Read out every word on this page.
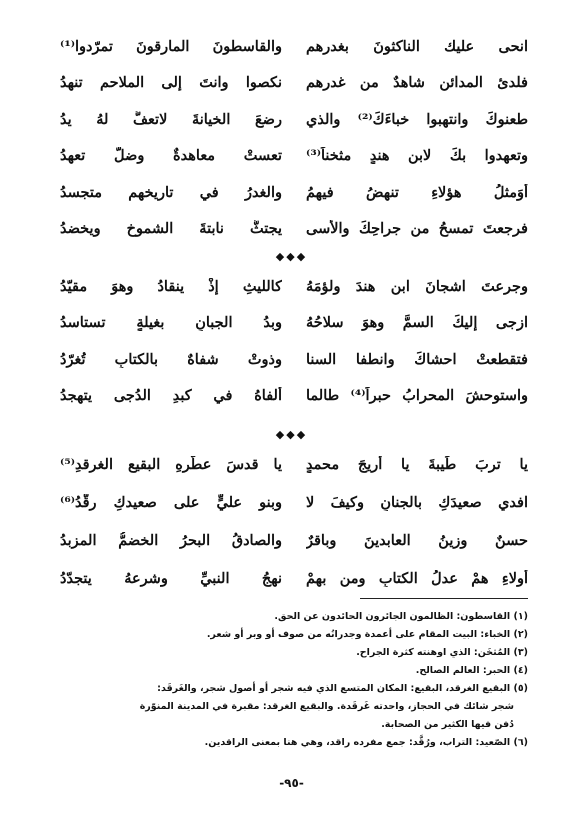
انحى عليك الناكثونَ بغدرهم
والقاسطونَ المارقونَ تمرّدوا⁽¹⁾
فلدئ المدائنِ شاهدٌ من غدرهم
نكصوا وانتَ إلى الملاحم تنهدُ
طعنوكَ وانتهبوا خباءَكَ⁽²⁾ والذي
رضعَ الخيانةَ لاتعفُّ لهُ يدُ
وتعهدوا بكَ لابنِ هندٍ مثخناً⁽³⁾
تعستْ معاهدةٌ وضلَّ تعهدُ
أوَمثلُ هؤلاءِ تنهضُ فيهمُ
والغدرُ في تاريخهم متجسدُ
فرجعتَ تمسحُ من جراحِكَ والأسى
يجتثُّ نابتةَ الشموخِ ويخضدُ
◆◆◆
وجرعتَ اشجانَ ابنِ هندَ ولؤمَهُ
كالليثِ إذْ ينقادُ وهوَ مقيّدُ
ازجى إليكَ السمَّ وهوَ سلاحُهُ
وبدُ الجبانِ بغيلةٍ تستاسدُ
فتقطعتْ احشاكَ وانطفا السنا
وذوتْ شفاهٌ بالكتابِ تُغرّدُ
واستوحشَ المحرابُ حبراً⁽⁴⁾ طالما
ألفاهُ في كبدِ الدُجى يتهجدُ
◆◆◆
يا تربَ طَيبةَ يا أريجَ محمدٍ
يا قدسَ عطّرهِ البقيعِ الغرقدِ⁽⁵⁾
افدي صعيدَكِ بالجنانِ وكيفَ لا
وبنو عليٍّ على صعيدكِ رقّدُ⁽⁶⁾
حسنٌ وزينُ العابدينَ وباقرٌ
والصادقُ البحرُ الخضمُّ المزبدُ
أولاءِ همْ عدلُ الكتابِ ومن بهمْ
نهجُ النبيِّ وشرعهُ يتجدّدُ
(١) القاسطون: الظالمون الجائرون الحائدون عن الحق.
(٢) الخباء: البيت المقام على أعمدة وجدرانُه من صوف أو وبر أو شعر.
(٣) المُثخَن: الذي اوهنته كثرة الجراح.
(٤) الحبر: العالم الصالح.
(٥) البقيع الغرقد، البقيع: المكان المتسع الذي فيه شجر أو أصول شجر، والغَرقَد:
شجر شائك في الحجاز، واحدته غَرقَدة. والبقيع الغرقد: مقبرة في المدينة المنوّرة
دُفن فيها الكثير من الصحابة.
(٦) الصّعيد: التراب، ورُقَّد: جمع مفرده راقد، وهي هنا بمعنى الراقدين.
-٩٥-
